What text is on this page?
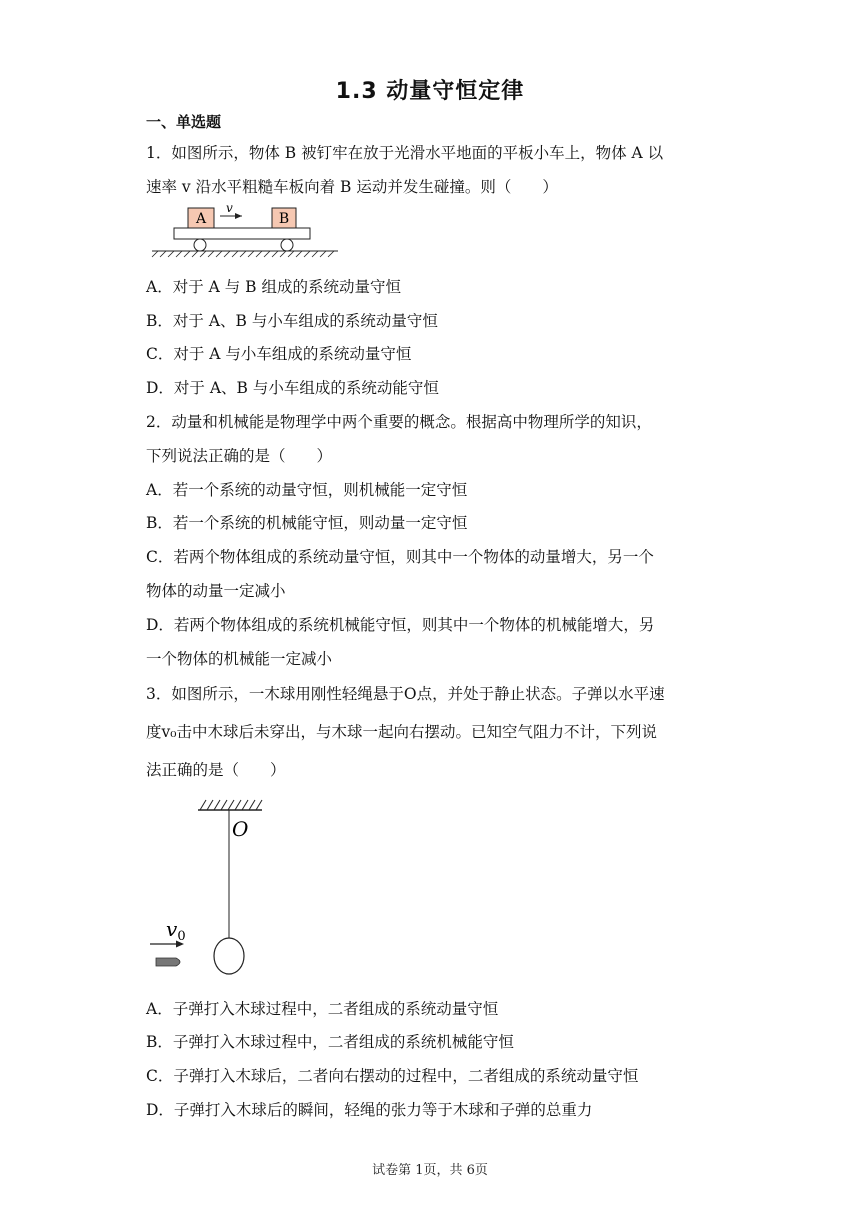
1.3 动量守恒定律
一、单选题
1．如图所示，物体 B 被钉牢在放于光滑水平地面的平板小车上，物体 A 以
速率 v 沿水平粗糙车板向着 B 运动并发生碰撞。则（　　）
A
v
B
A．对于 A 与 B 组成的系统动量守恒
B．对于 A、B 与小车组成的系统动量守恒
C．对于 A 与小车组成的系统动量守恒
D．对于 A、B 与小车组成的系统动能守恒
2．动量和机械能是物理学中两个重要的概念。根据高中物理所学的知识，
下列说法正确的是（　　）
A．若一个系统的动量守恒，则机械能一定守恒
B．若一个系统的机械能守恒，则动量一定守恒
C．若两个物体组成的系统动量守恒，则其中一个物体的动量增大，另一个
物体的动量一定减小
D．若两个物体组成的系统机械能守恒，则其中一个物体的机械能增大，另
一个物体的机械能一定减小
3．如图所示，一木球用刚性轻绳悬于O点，并处于静止状态。子弹以水平速
度v₀击中木球后未穿出，与木球一起向右摆动。已知空气阻力不计，下列说
法正确的是（　　）
O
$v_0$
A．子弹打入木球过程中，二者组成的系统动量守恒
B．子弹打入木球过程中，二者组成的系统机械能守恒
C．子弹打入木球后，二者向右摆动的过程中，二者组成的系统动量守恒
D．子弹打入木球后的瞬间，轻绳的张力等于木球和子弹的总重力
试卷第 1页，共 6页
